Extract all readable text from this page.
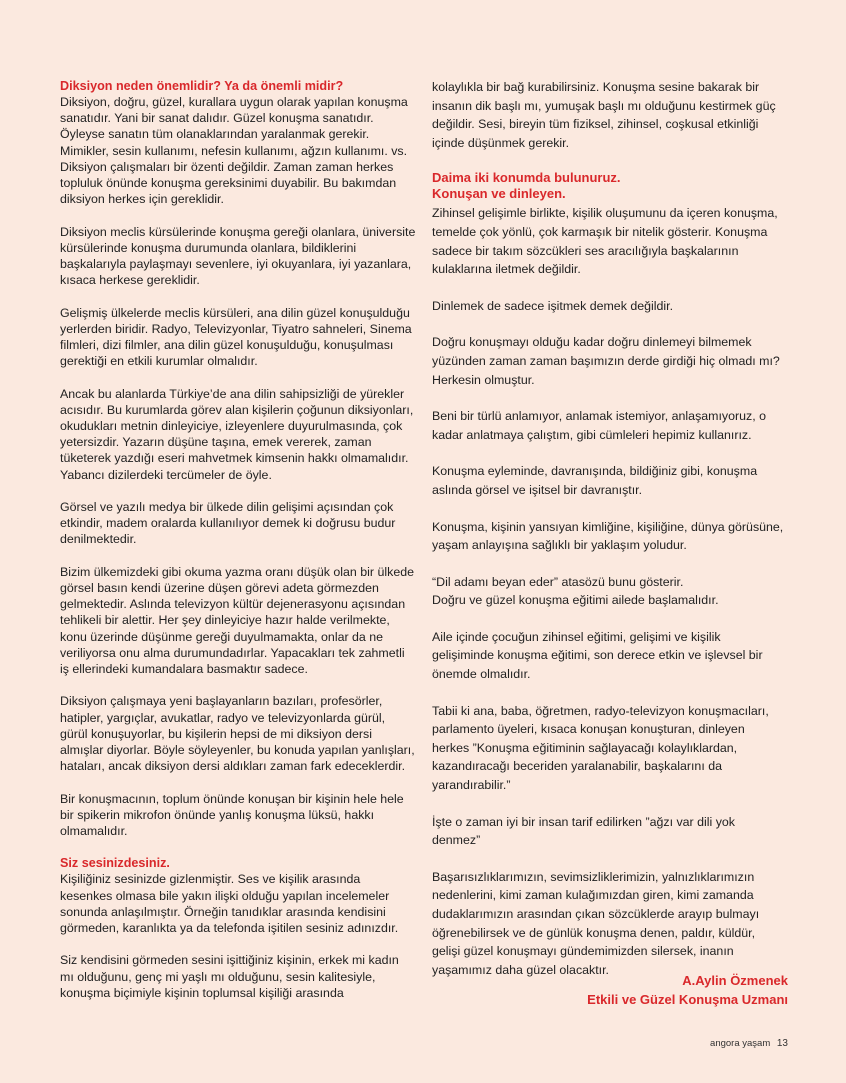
Diksiyon neden önemlidir? Ya da önemli midir?

Diksiyon, doğru, güzel, kurallara uygun olarak yapılan konuşma sanatıdır. Yani bir sanat dalıdır. Güzel konuşma sanatıdır. Öyleyse sanatın tüm olanaklarından yaralanmak gerekir. Mimikler, sesin kullanımı, nefesin kullanımı, ağzın kullanımı. vs. Diksiyon çalışmaları bir özenti değildir. Zaman zaman herkes topluluk önünde konuşma gereksinimi duyabilir. Bu bakımdan diksiyon herkes için gereklidir.

Diksiyon meclis kürsülerinde konuşma gereği olanlara, üniversite kürsülerinde konuşma durumunda olanlara, bildiklerini başkalarıyla paylaşmayı sevenlere, iyi okuyanlara, iyi yazanlara, kısaca herkese gereklidir.

Gelişmiş ülkelerde meclis kürsüleri, ana dilin güzel konuşulduğu yerlerden biridir. Radyo, Televizyonlar, Tiyatro sahneleri, Sinema filmleri, dizi filmler, ana dilin güzel konuşulduğu, konuşulması gerektiği en etkili kurumlar olmalıdır.

Ancak bu alanlarda Türkiye’de ana dilin sahipsizliği de yürekler acısıdır. Bu kurumlarda görev alan kişilerin çoğunun diksiyonları, okudukları metnin dinleyiciye, izleyenlere duyurulmasında, çok yetersizdir. Yazarın düşüne taşına, emek vererek, zaman tüketerek yazdığı eseri mahvetmek kimsenin hakkı olmamalıdır. Yabancı dizilerdeki tercümeler de öyle.

Görsel ve yazılı medya bir ülkede dilin gelişimi açısından çok etkindir, madem oralarda kullanılıyor demek ki doğrusu budur denilmektedir.

Bizim ülkemizdeki gibi okuma yazma oranı düşük olan bir ülkede görsel basın kendi üzerine düşen görevi adeta görmezden gelmektedir. Aslında televizyon kültür dejenerasyonu açısından tehlikeli bir alettir. Her şey dinleyiciye hazır halde verilmekte, konu üzerinde düşünme gereği duyulmamakta, onlar da ne veriliyorsa onu alma durumundadırlar. Yapacakları tek zahmetli iş ellerindeki kumandalara basmaktır sadece.

Diksiyon çalışmaya yeni başlayanların bazıları, profesörler, hatipler, yargıçlar, avukatlar, radyo ve televizyonlarda gürül, gürül konuşuyorlar, bu kişilerin hepsi de mi diksiyon dersi almışlar diyorlar. Böyle söyleyenler, bu konuda yapılan yanlışları, hataları, ancak diksiyon dersi aldıkları zaman fark edeceklerdir.

Bir konuşmacının, toplum önünde konuşan bir kişinin hele hele bir spikerin mikrofon önünde yanlış konuşma lüksü, hakkı olmamalıdır.

Siz sesinizdesiniz.

Kişiliğiniz sesinizde gizlenmiştir. Ses ve kişilik arasında kesenkes olmasa bile yakın ilişki olduğu yapılan incelemeler sonunda anlaşılmıştır. Örneğin tanıdıklar arasında kendisini görmeden, karanlıkta ya da telefonda işitilen sesiniz adınızdır.

Siz kendisini görmeden sesini işittiğiniz kişinin, erkek mi kadın mı olduğunu, genç mi yaşlı mı olduğunu, sesin kalitesiyle, konuşma biçimiyle kişinin toplumsal kişiliği arasında

kolaylıkla bir bağ kurabilirsiniz. Konuşma sesine bakarak bir insanın dik başlı mı, yumuşak başlı mı olduğunu kestirmek güç değildir. Sesi, bireyin tüm fiziksel, zihinsel, coşkusal etkinliği içinde düşünmek gerekir.

Daima iki konumda bulunuruz.
Konuşan ve dinleyen.

Zihinsel gelişimle birlikte, kişilik oluşumunu da içeren konuşma, temelde çok yönlü, çok karmaşık bir nitelik gösterir. Konuşma sadece bir takım sözcükleri ses aracılığıyla başkalarının kulaklarına iletmek değildir.

Dinlemek de sadece işitmek demek değildir.

Doğru konuşmayı olduğu kadar doğru dinlemeyi bilmemek yüzünden zaman zaman başımızın derde girdiği hiç olmadı mı? Herkesin olmuştur.

Beni bir türlü anlamıyor, anlamak istemiyor, anlaşamıyoruz, o kadar anlatmaya çalıştım, gibi cümleleri hepimiz kullanırız.

Konuşma eyleminde, davranışında, bildiğiniz gibi, konuşma aslında görsel ve işitsel bir davranıştır.

Konuşma, kişinin yansıyan kimliğine, kişiliğine, dünya görüsüne, yaşam anlayışına sağlıklı bir yaklaşım yoludur.

“Dil adamı beyan eder” atasözü bunu gösterir.
Doğru ve güzel konuşma eğitimi ailede başlamalıdır.

Aile içinde çocuğun zihinsel eğitimi, gelişimi ve kişilik gelişiminde konuşma eğitimi, son derece etkin ve işlevsel bir önemde olmalıdır.

Tabii ki ana, baba, öğretmen, radyo-televizyon konuşmacıları, parlamento üyeleri, kısaca konuşan konuşturan, dinleyen herkes ”Konuşma eğitiminin sağlayacağı kolaylıklardan, kazandıracağı beceriden yaralanabilir, başkalarını da yarandırabilir.”

İşte o zaman iyi bir insan tarif edilirken ”ağzı var dili yok denmez”

Başarısızlıklarımızın, sevimsizliklerimizin, yalnızlıklarımızın nedenlerini, kimi zaman kulağımızdan giren, kimi zamanda dudaklarımızın arasından çıkan sözcüklerde arayıp bulmayı öğrenebilirsek ve de günlük konuşma denen, paldır, küldür, gelişi güzel konuşmayı gündemimizden silersek, inanın yaşamımız daha güzel olacaktır.

A.Aylin Özmenek
Etkili ve Güzel Konuşma Uzmanı
angora yaşam 13
